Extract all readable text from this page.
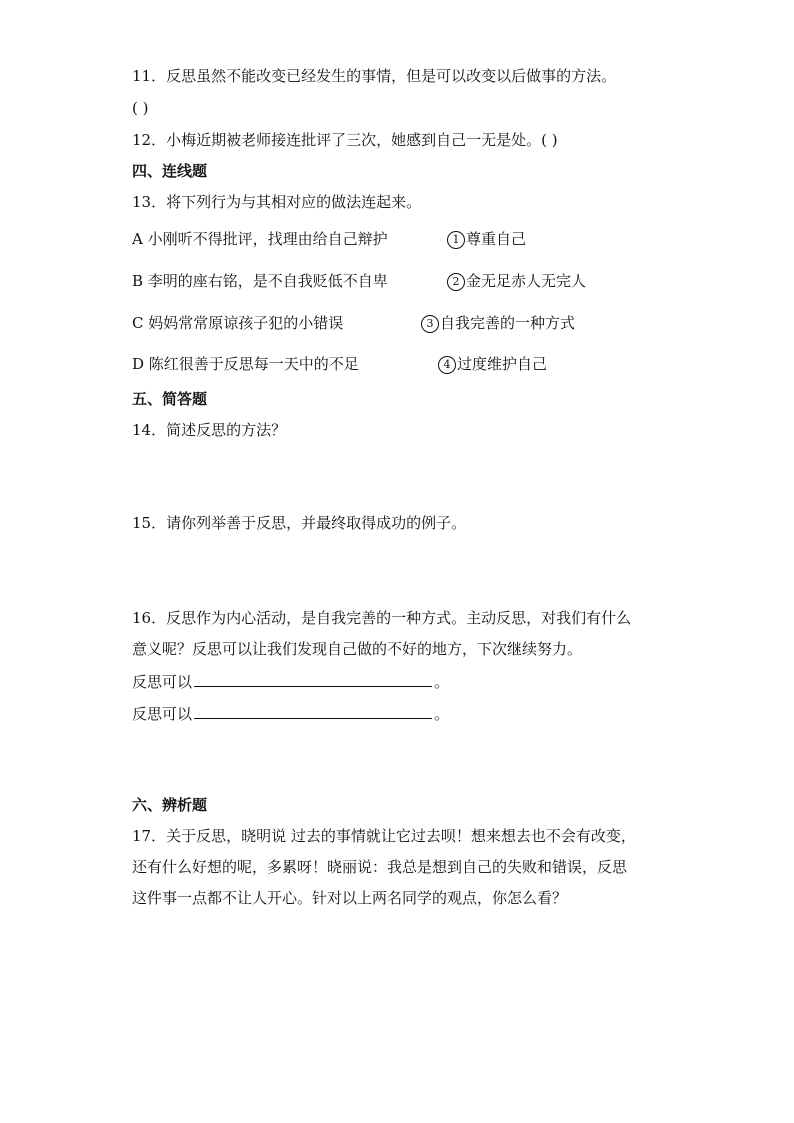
11．反思虽然不能改变已经发生的事情，但是可以改变以后做事的方法。
( )
12．小梅近期被老师接连批评了三次，她感到自己一无是处。( )
四、连线题
13．将下列行为与其相对应的做法连起来。
A 小刚听不得批评，找理由给自己辩护	1 尊重自己
B 李明的座右铭，是不自我贬低不自卑	2 金无足赤人无完人
C 妈妈常常原谅孩子犯的小错误	3 自我完善的一种方式
D 陈红很善于反思每一天中的不足	4 过度维护自己
五、简答题
14．简述反思的方法？
15．请你列举善于反思，并最终取得成功的例子。
16．反思作为内心活动，是自我完善的一种方式。主动反思，对我们有什么
意义呢？反思可以让我们发现自己做的不好的地方，下次继续努力。
反思可以	。
反思可以	。
六、辨析题
17．关于反思，晓明说 过去的事情就让它过去呗！想来想去也不会有改变，
还有什么好想的呢，多累呀！晓丽说：我总是想到自己的失败和错误，反思
这件事一点都不让人开心。针对以上两名同学的观点，你怎么看？
